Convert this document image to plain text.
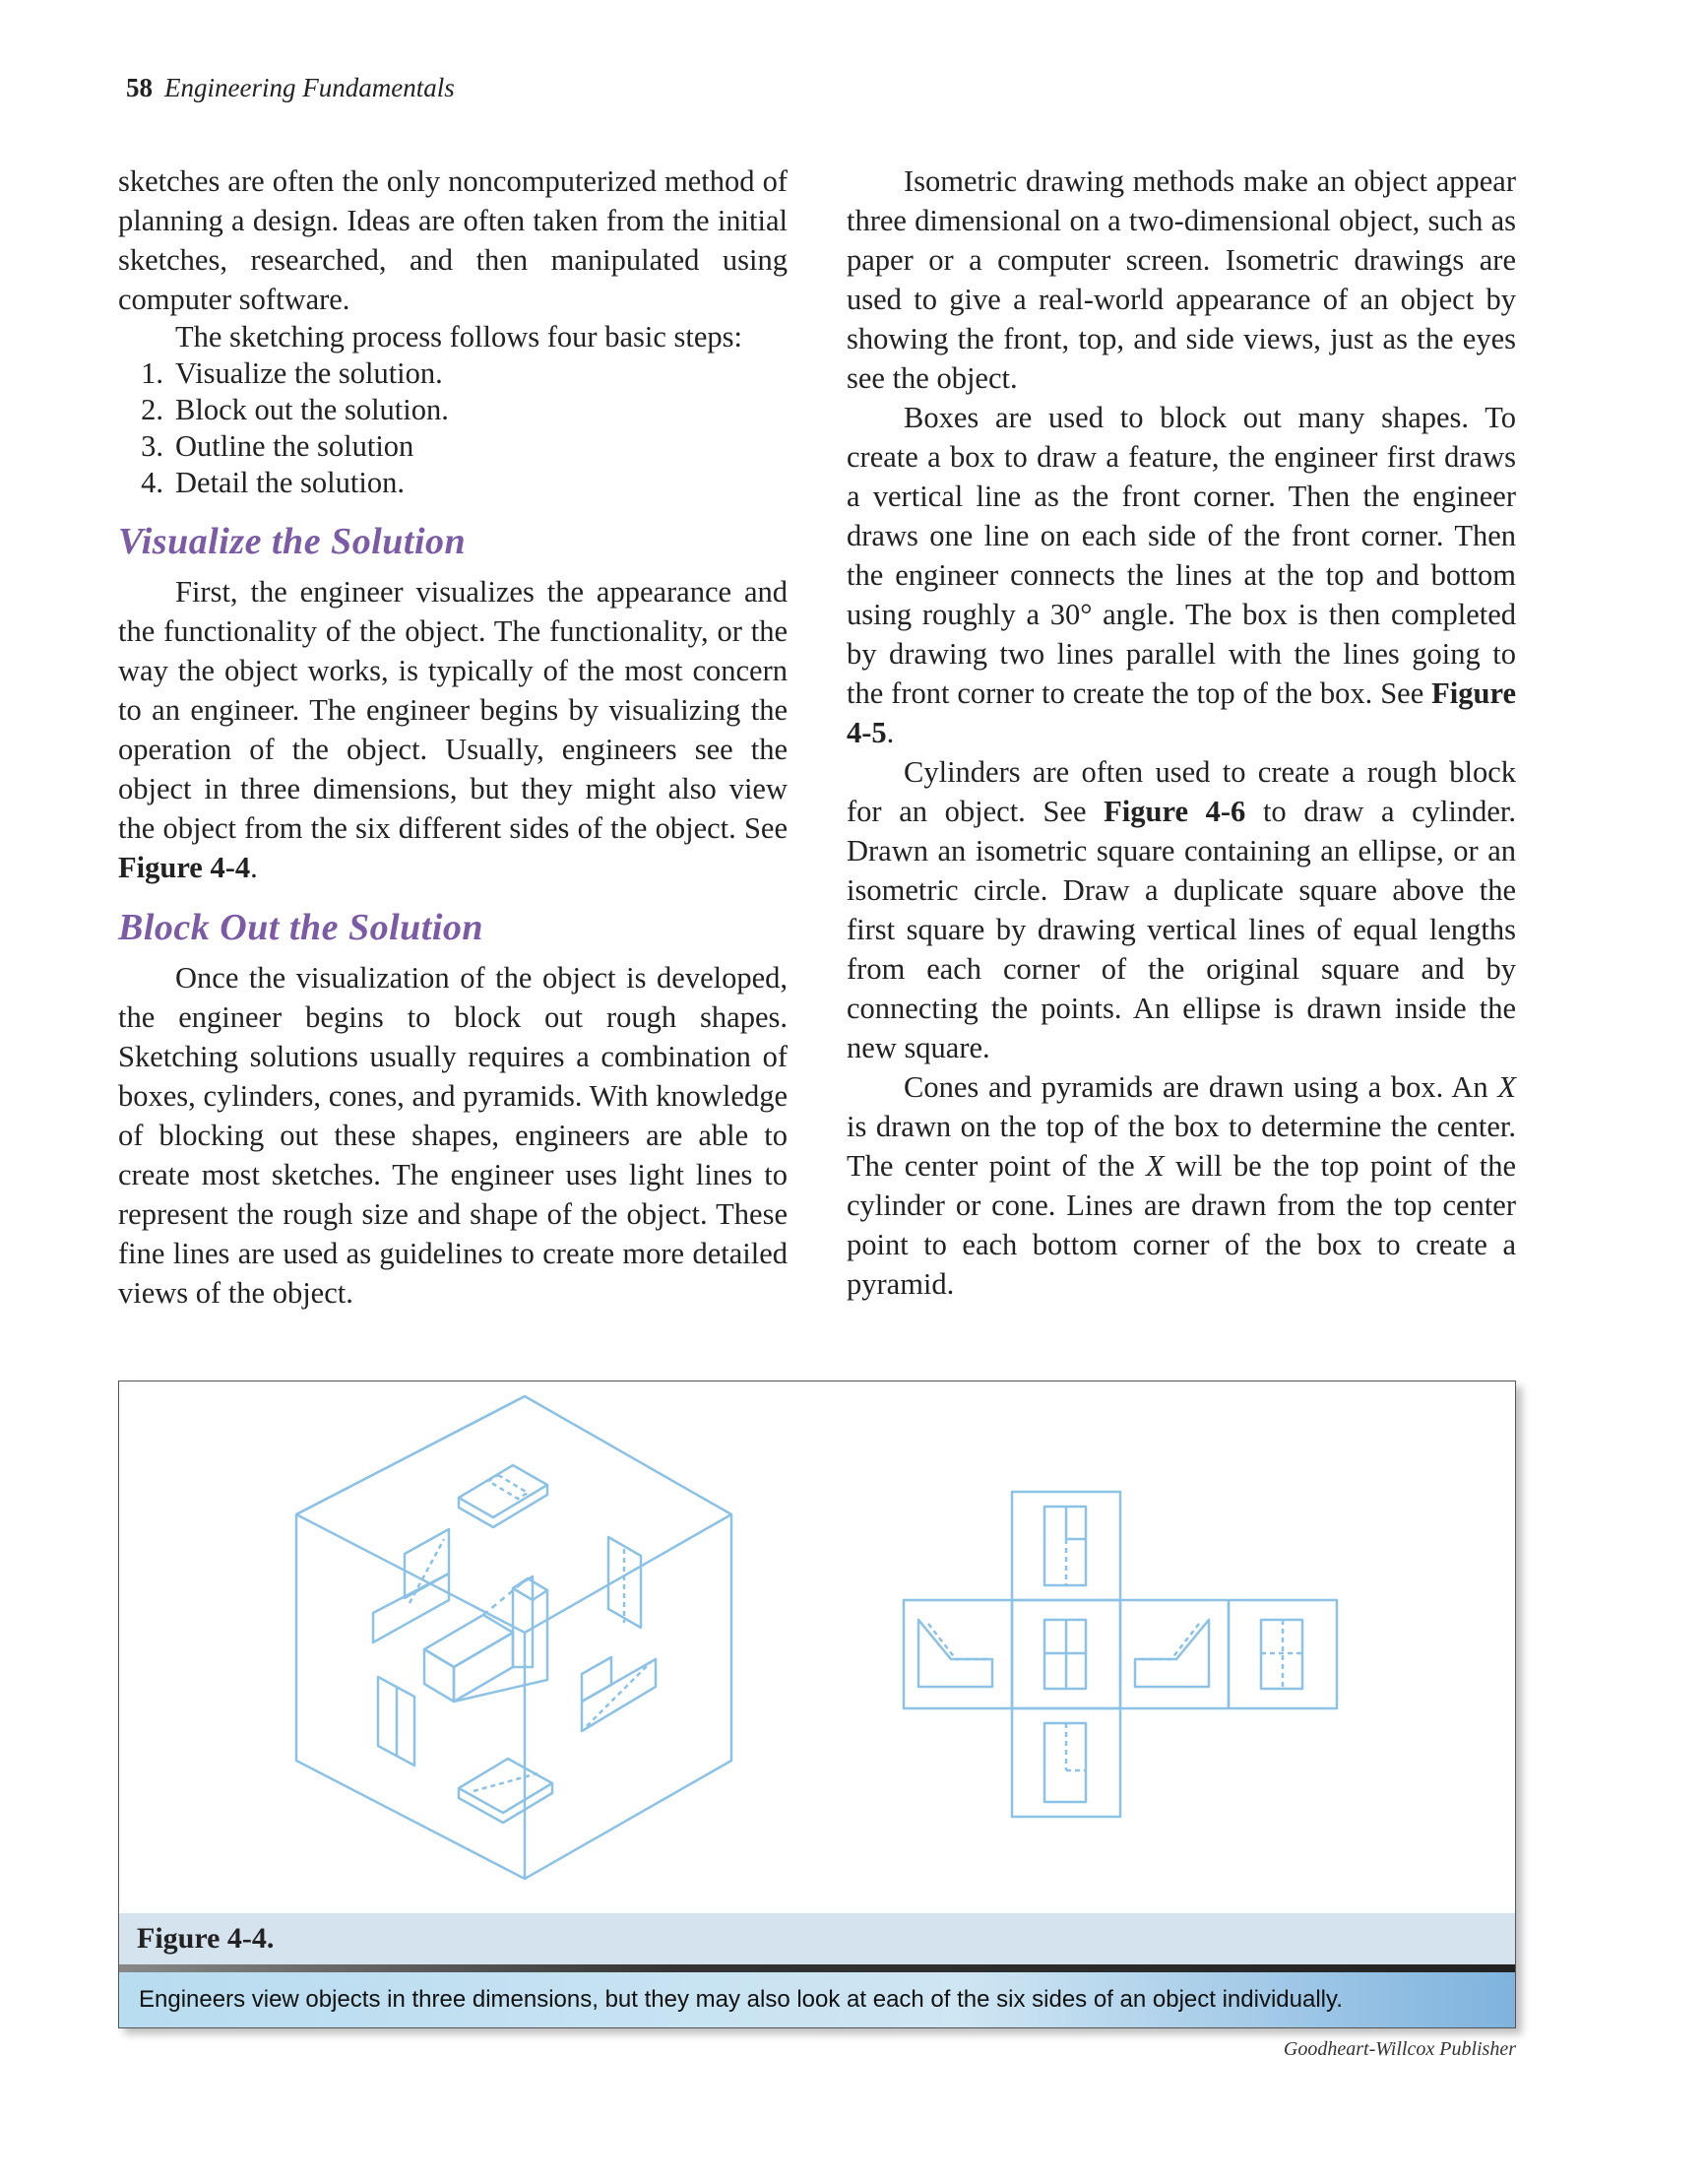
58 Engineering Fundamentals

sketches are often the only noncomputerized method of planning a design. Ideas are often taken from the initial sketches, researched, and then manipulated using computer software.

The sketching process follows four basic steps:

1. Visualize the solution.
2. Block out the solution.
3. Outline the solution
4. Detail the solution.
Visualize the Solution

First, the engineer visualizes the appearance and the functionality of the object. The functionality, or the way the object works, is typically of the most concern to an engineer. The engineer begins by visualizing the operation of the object. Usually, engineers see the object in three dimensions, but they might also view the object from the six different sides of the object. See Figure 4-4.

Block Out the Solution

Once the visualization of the object is developed, the engineer begins to block out rough shapes. Sketching solutions usually requires a combination of boxes, cylinders, cones, and pyramids. With knowledge of blocking out these shapes, engineers are able to create most sketches. The engineer uses light lines to represent the rough size and shape of the object. These fine lines are used as guidelines to create more detailed views of the object.

Isometric drawing methods make an object appear three dimensional on a two-dimensional object, such as paper or a computer screen. Isometric drawings are used to give a real-world appearance of an object by showing the front, top, and side views, just as the eyes see the object.

Boxes are used to block out many shapes. To create a box to draw a feature, the engineer first draws a vertical line as the front corner. Then the engineer draws one line on each side of the front corner. Then the engineer connects the lines at the top and bottom using roughly a 30° angle. The box is then completed by drawing two lines parallel with the lines going to the front corner to create the top of the box. See Figure 4-5.

Cylinders are often used to create a rough block for an object. See Figure 4-6 to draw a cylinder. Drawn an isometric square containing an ellipse, or an isometric circle. Draw a duplicate square above the first square by drawing vertical lines of equal lengths from each corner of the original square and by connecting the points. An ellipse is drawn inside the new square.

Cones and pyramids are drawn using a box. An X is drawn on the top of the box to determine the center. The center point of the X will be the top point of the cylinder or cone. Lines are drawn from the top center point to each bottom corner of the box to create a pyramid.

Figure 4-4.
Engineers view objects in three dimensions, but they may also look at each of the six sides of an object individually.
Goodheart-Willcox Publisher
